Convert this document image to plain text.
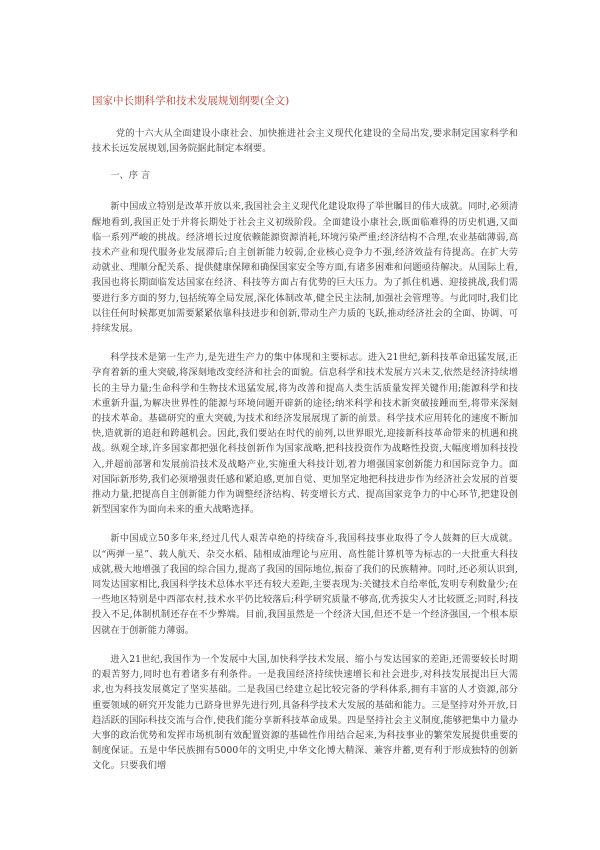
国家中长期科学和技术发展规划纲要(全文)

党的十六大从全面建设小康社会、加快推进社会主义现代化建设的全局出发,要求制定国家科学和技术长远发展规划,国务院据此制定本纲要。

一、序 言

新中国成立特别是改革开放以来,我国社会主义现代化建设取得了举世瞩目的伟大成就。同时,必须清醒地看到,我国正处于并将长期处于社会主义初级阶段。全面建设小康社会,既面临难得的历史机遇,又面临一系列严峻的挑战。经济增长过度依赖能源资源消耗,环境污染严重;经济结构不合理,农业基础薄弱,高技术产业和现代服务业发展滞后;自主创新能力较弱,企业核心竞争力不强,经济效益有待提高。在扩大劳动就业、理顺分配关系、提供健康保障和确保国家安全等方面,有诸多困难和问题亟待解决。从国际上看,我国也将长期面临发达国家在经济、科技等方面占有优势的巨大压力。为了抓住机遇、迎接挑战,我们需要进行多方面的努力,包括统筹全局发展,深化体制改革,健全民主法制,加强社会管理等。与此同时,我们比以往任何时候都更加需要紧紧依靠科技进步和创新,带动生产力质的飞跃,推动经济社会的全面、协调、可持续发展。

科学技术是第一生产力,是先进生产力的集中体现和主要标志。进入21世纪,新科技革命迅猛发展,正孕育着新的重大突破,将深刻地改变经济和社会的面貌。信息科学和技术发展方兴未艾,依然是经济持续增长的主导力量;生命科学和生物技术迅猛发展,将为改善和提高人类生活质量发挥关键作用;能源科学和技术重新升温,为解决世界性的能源与环境问题开辟新的途径;纳米科学和技术新突破接踵而至,将带来深刻的技术革命。基础研究的重大突破,为技术和经济发展展现了新的前景。科学技术应用转化的速度不断加快,造就新的追赶和跨越机会。因此,我们要站在时代的前列,以世界眼光,迎接新科技革命带来的机遇和挑战。纵观全球,许多国家都把强化科技创新作为国家战略,把科技投资作为战略性投资,大幅度增加科技投入,并超前部署和发展前沿技术及战略产业,实施重大科技计划,着力增强国家创新能力和国际竞争力。面对国际新形势,我们必须增强责任感和紧迫感,更加自觉、更加坚定地把科技进步作为经济社会发展的首要推动力量,把提高自主创新能力作为调整经济结构、转变增长方式、提高国家竞争力的中心环节,把建设创新型国家作为面向未来的重大战略选择。

新中国成立50多年来,经过几代人艰苦卓绝的持续奋斗,我国科技事业取得了令人鼓舞的巨大成就。以“两弹一星”、载人航天、杂交水稻、陆相成油理论与应用、高性能计算机等为标志的一大批重大科技成就,极大地增强了我国的综合国力,提高了我国的国际地位,振奋了我们的民族精神。同时,还必须认识到,同发达国家相比,我国科学技术总体水平还有较大差距,主要表现为:关键技术自给率低,发明专利数量少;在一些地区特别是中西部农村,技术水平仍比较落后;科学研究质量不够高,优秀拔尖人才比较匮乏;同时,科技投入不足,体制机制还存在不少弊端。目前,我国虽然是一个经济大国,但还不是一个经济强国,一个根本原因就在于创新能力薄弱。

进入21世纪,我国作为一个发展中大国,加快科学技术发展、缩小与发达国家的差距,还需要较长时期的艰苦努力,同时也有着诸多有利条件。一是我国经济持续快速增长和社会进步,对科技发展提出巨大需求,也为科技发展奠定了坚实基础。二是我国已经建立起比较完备的学科体系,拥有丰富的人才资源,部分重要领域的研究开发能力已跻身世界先进行列,具备科学技术大发展的基础和能力。三是坚持对外开放,日趋活跃的国际科技交流与合作,使我们能分享新科技革命成果。四是坚持社会主义制度,能够把集中力量办大事的政治优势和发挥市场机制有效配置资源的基础性作用结合起来,为科技事业的繁荣发展提供重要的制度保证。五是中华民族拥有5000年的文明史,中华文化博大精深、兼容并蓄,更有利于形成独特的创新文化。只要我们增
